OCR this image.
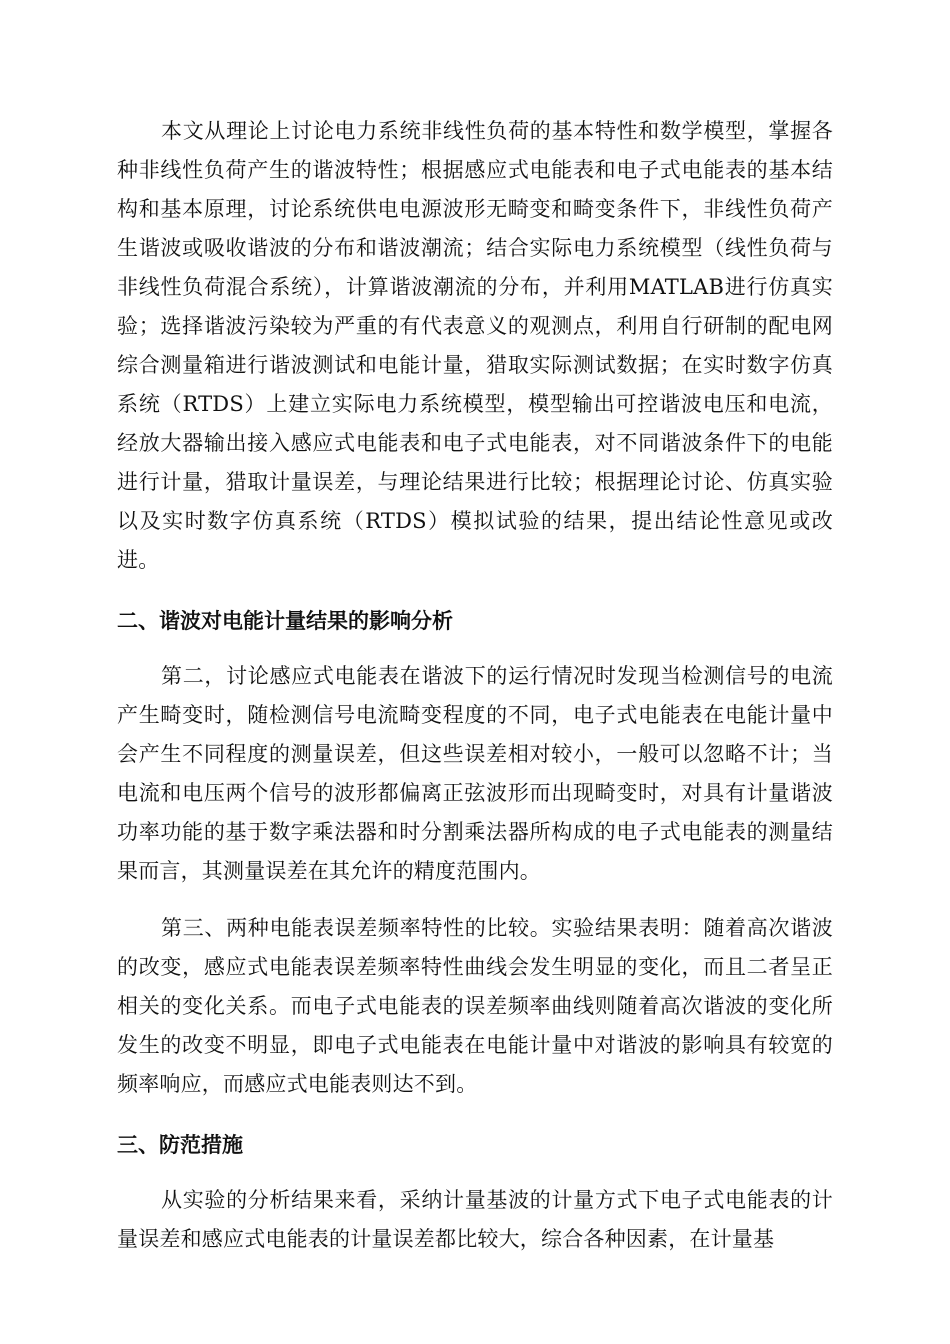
本文从理论上讨论电力系统非线性负荷的基本特性和数学模型，掌握各种非线性负荷产生的谐波特性；根据感应式电能表和电子式电能表的基本结构和基本原理，讨论系统供电电源波形无畸变和畸变条件下，非线性负荷产生谐波或吸收谐波的分布和谐波潮流；结合实际电力系统模型（线性负荷与非线性负荷混合系统），计算谐波潮流的分布，并利用MATLAB进行仿真实验；选择谐波污染较为严重的有代表意义的观测点，利用自行研制的配电网综合测量箱进行谐波测试和电能计量，猎取实际测试数据；在实时数字仿真系统（RTDS）上建立实际电力系统模型，模型输出可控谐波电压和电流，经放大器输出接入感应式电能表和电子式电能表，对不同谐波条件下的电能进行计量，猎取计量误差，与理论结果进行比较；根据理论讨论、仿真实验以及实时数字仿真系统（RTDS）模拟试验的结果，提出结论性意见或改进。

二、谐波对电能计量结果的影响分析

第二，讨论感应式电能表在谐波下的运行情况时发现当检测信号的电流产生畸变时，随检测信号电流畸变程度的不同，电子式电能表在电能计量中会产生不同程度的测量误差，但这些误差相对较小，一般可以忽略不计；当电流和电压两个信号的波形都偏离正弦波形而出现畸变时，对具有计量谐波功率功能的基于数字乘法器和时分割乘法器所构成的电子式电能表的测量结果而言，其测量误差在其允许的精度范围内。

第三、两种电能表误差频率特性的比较。实验结果表明：随着高次谐波的改变，感应式电能表误差频率特性曲线会发生明显的变化，而且二者呈正相关的变化关系。而电子式电能表的误差频率曲线则随着高次谐波的变化所发生的改变不明显，即电子式电能表在电能计量中对谐波的影响具有较宽的频率响应，而感应式电能表则达不到。

三、防范措施

从实验的分析结果来看，采纳计量基波的计量方式下电子式电能表的计量误差和感应式电能表的计量误差都比较大，综合各种因素，在计量基
